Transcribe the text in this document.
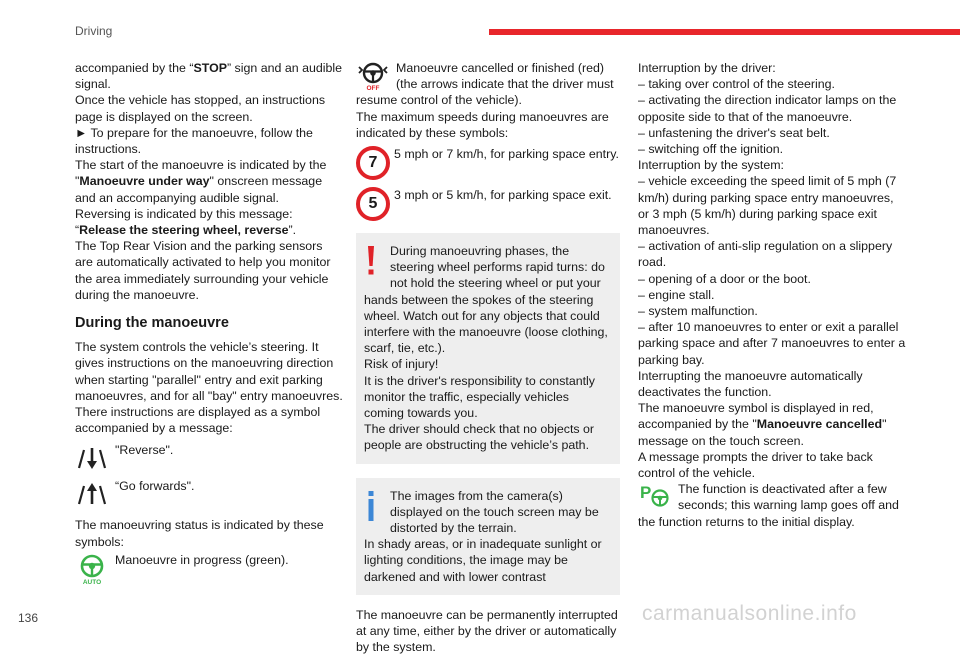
Driving

accompanied by the “STOP” sign and an audible signal.

Once the vehicle has stopped, an instructions page is displayed on the screen.

► To prepare for the manoeuvre, follow the instructions.

The start of the manoeuvre is indicated by the "Manoeuvre under way" onscreen message and an accompanying audible signal.

Reversing is indicated by this message:

“Release the steering wheel, reverse”.

The Top Rear Vision and the parking sensors are automatically activated to help you monitor the area immediately surrounding your vehicle during the manoeuvre.

During the manoeuvre

The system controls the vehicle’s steering. It gives instructions on the manoeuvring direction when starting "parallel" entry and exit parking manoeuvres, and for all "bay" entry manoeuvres.

There instructions are displayed as a symbol accompanied by a message:

"Reverse".
“Go forwards".

The manoeuvring status is indicated by these symbols:

AUTO
Manoeuvre in progress (green).
OFF
Manoeuvre cancelled or finished (red) (the arrows indicate that the driver must resume control of the vehicle).

The maximum speeds during manoeuvres are indicated by these symbols:

7	5 mph or 7 km/h, for parking space entry.
5	3 mph or 5 km/h, for parking space exit.

During manoeuvring phases, the steering wheel performs rapid turns: do not hold the steering wheel or put your hands between the spokes of the steering wheel. Watch out for any objects that could interfere with the manoeuvre (loose clothing, scarf, tie, etc.).

Risk of injury!

It is the driver's responsibility to constantly monitor the traffic, especially vehicles coming towards you.

The driver should check that no objects or people are obstructing the vehicle’s path.

The images from the camera(s) displayed on the touch screen may be distorted by the terrain.

In shady areas, or in inadequate sunlight or lighting conditions, the image may be darkened and with lower contrast

The manoeuvre can be permanently interrupted at any time, either by the driver or automatically by the system.

Interruption by the driver:

– taking over control of the steering.
– activating the direction indicator lamps on the opposite side to that of the manoeuvre.
– unfastening the driver's seat belt.
– switching off the ignition.

Interruption by the system:

– vehicle exceeding the speed limit of 5 mph (7 km/h) during parking space entry manoeuvres, or 3 mph (5 km/h) during parking space exit manoeuvres.
– activation of anti-slip regulation on a slippery road.
– opening of a door or the boot.
– engine stall.
– system malfunction.
– after 10 manoeuvres to enter or exit a parallel parking space and after 7 manoeuvres to enter a parking bay.

Interrupting the manoeuvre automatically deactivates the function.

The manoeuvre symbol is displayed in red, accompanied by the "Manoeuvre cancelled" message on the touch screen.

A message prompts the driver to take back control of the vehicle.

P The function is deactivated after a few seconds; this warning lamp goes off and the function returns to the initial display.
136	carmanualsonline.info
